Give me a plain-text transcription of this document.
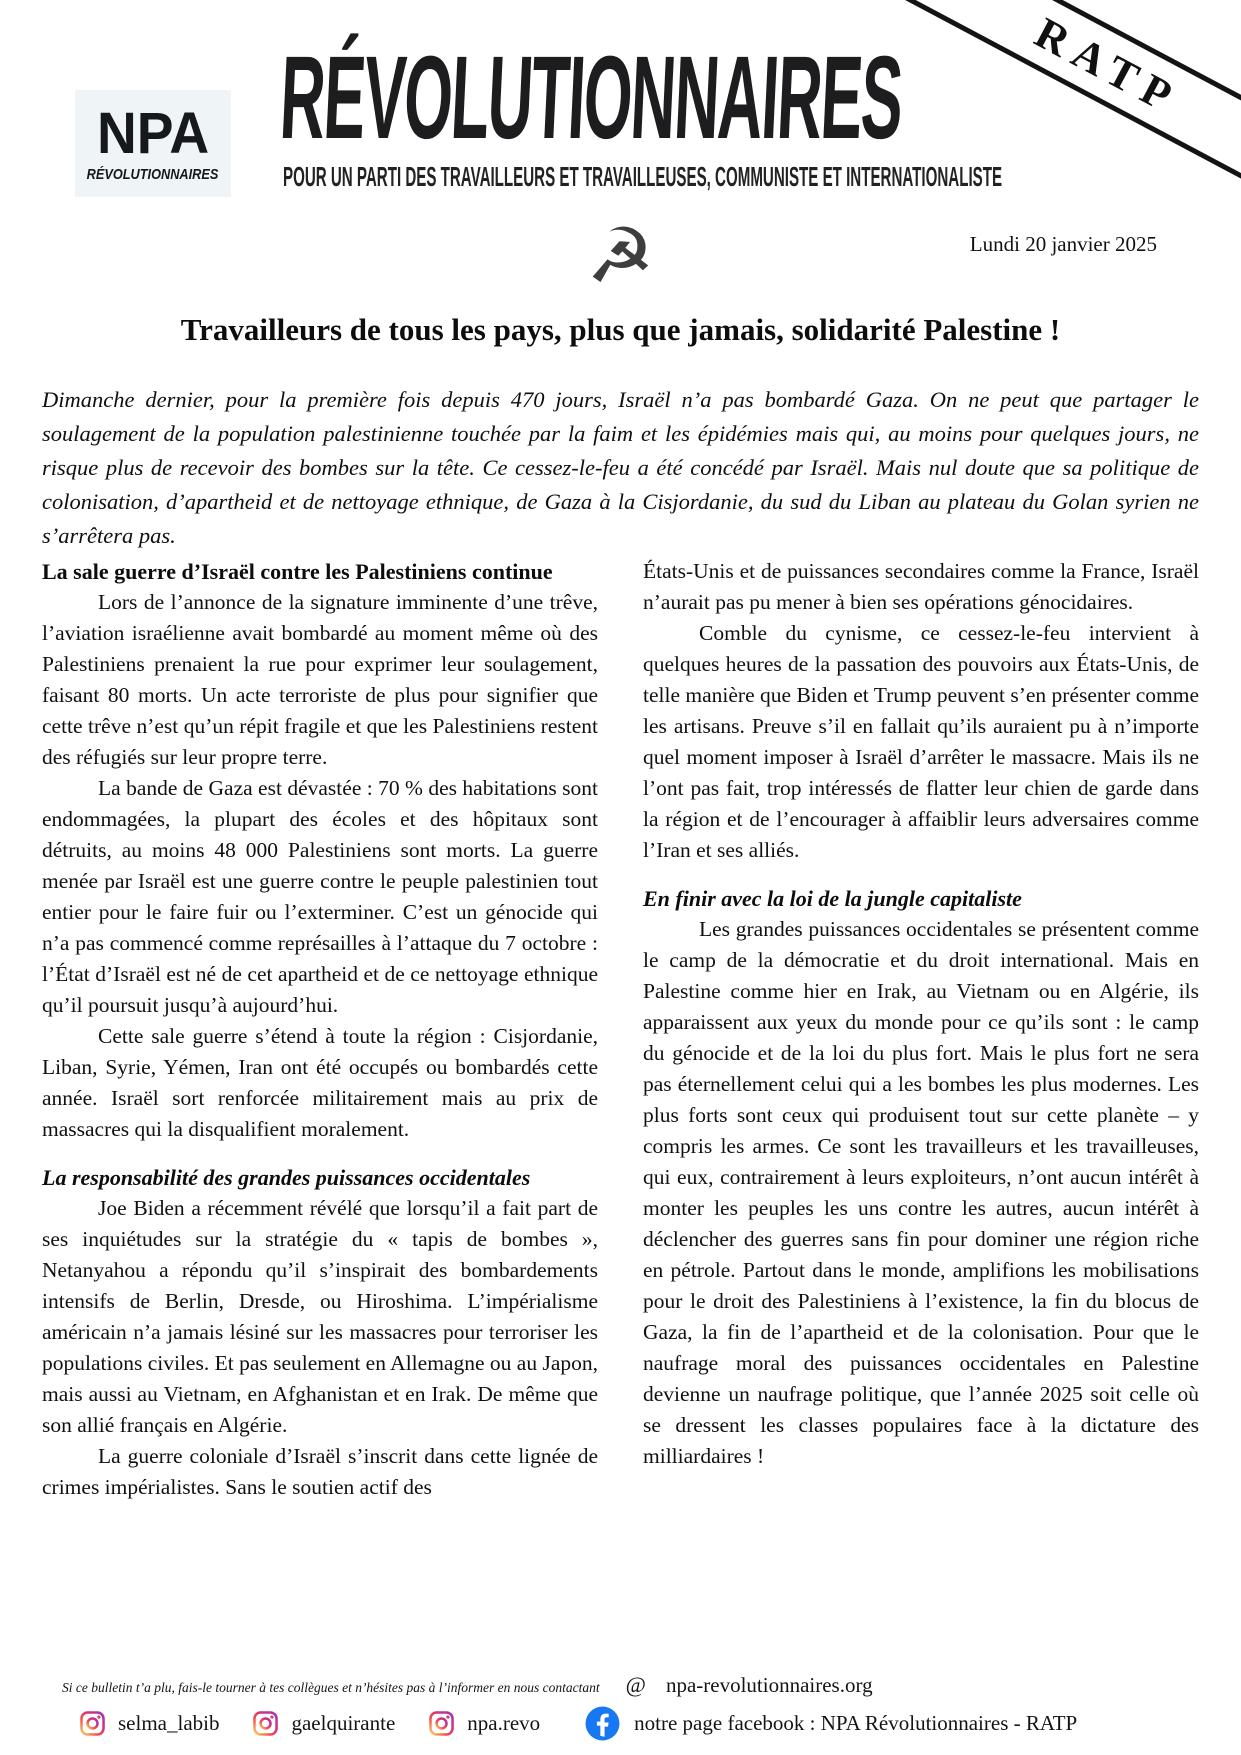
NPA
RÉVOLUTIONNAIRES
RÉVOLUTIONNAIRES
POUR UN PARTI DES TRAVAILLEURS ET TRAVAILLEUSES, COMMUNISTE ET INTERNATIONALISTE
RATP
☭	Lundi 20 janvier 2025
Travailleurs de tous les pays, plus que jamais, solidarité Palestine !

Dimanche dernier, pour la première fois depuis 470 jours, Israël n’a pas bombardé Gaza. On ne peut que partager le soulagement de la population palestinienne touchée par la faim et les épidémies mais qui, au moins pour quelques jours, ne risque plus de recevoir des bombes sur la tête. Ce cessez-le-feu a été concédé par Israël. Mais nul doute que sa politique de colonisation, d’apartheid et de nettoyage ethnique, de Gaza à la Cisjordanie, du sud du Liban au plateau du Golan syrien ne s’arrêtera pas.

La sale guerre d’Israël contre les Palestiniens continue

Lors de l’annonce de la signature imminente d’une trêve, l’aviation israélienne avait bombardé au moment même où des Palestiniens prenaient la rue pour exprimer leur soulagement, faisant 80 morts. Un acte terroriste de plus pour signifier que cette trêve n’est qu’un répit fragile et que les Palestiniens restent des réfugiés sur leur propre terre.

La bande de Gaza est dévastée : 70 % des habitations sont endommagées, la plupart des écoles et des hôpitaux sont détruits, au moins 48 000 Palestiniens sont morts. La guerre menée par Israël est une guerre contre le peuple palestinien tout entier pour le faire fuir ou l’exterminer. C’est un génocide qui n’a pas commencé comme représailles à l’attaque du 7 octobre : l’État d’Israël est né de cet apartheid et de ce nettoyage ethnique qu’il poursuit jusqu’à aujourd’hui.

Cette sale guerre s’étend à toute la région : Cisjordanie, Liban, Syrie, Yémen, Iran ont été occupés ou bombardés cette année. Israël sort renforcée militairement mais au prix de massacres qui la disqualifient moralement.

La responsabilité des grandes puissances occidentales

Joe Biden a récemment révélé que lorsqu’il a fait part de ses inquiétudes sur la stratégie du « tapis de bombes », Netanyahou a répondu qu’il s’inspirait des bombardements intensifs de Berlin, Dresde, ou Hiroshima. L’impérialisme américain n’a jamais lésiné sur les massacres pour terroriser les populations civiles. Et pas seulement en Allemagne ou au Japon, mais aussi au Vietnam, en Afghanistan et en Irak. De même que son allié français en Algérie.

La guerre coloniale d’Israël s’inscrit dans cette lignée de crimes impérialistes. Sans le soutien actif des

États-Unis et de puissances secondaires comme la France, Israël n’aurait pas pu mener à bien ses opérations génocidaires.

Comble du cynisme, ce cessez-le-feu intervient à quelques heures de la passation des pouvoirs aux États-Unis, de telle manière que Biden et Trump peuvent s’en présenter comme les artisans. Preuve s’il en fallait qu’ils auraient pu à n’importe quel moment imposer à Israël d’arrêter le massacre. Mais ils ne l’ont pas fait, trop intéressés de flatter leur chien de garde dans la région et de l’encourager à affaiblir leurs adversaires comme l’Iran et ses alliés.

En finir avec la loi de la jungle capitaliste

Les grandes puissances occidentales se présentent comme le camp de la démocratie et du droit international. Mais en Palestine comme hier en Irak, au Vietnam ou en Algérie, ils apparaissent aux yeux du monde pour ce qu’ils sont : le camp du génocide et de la loi du plus fort. Mais le plus fort ne sera pas éternellement celui qui a les bombes les plus modernes. Les plus forts sont ceux qui produisent tout sur cette planète – y compris les armes. Ce sont les travailleurs et les travailleuses, qui eux, contrairement à leurs exploiteurs, n’ont aucun intérêt à monter les peuples les uns contre les autres, aucun intérêt à déclencher des guerres sans fin pour dominer une région riche en pétrole. Partout dans le monde, amplifions les mobilisations pour le droit des Palestiniens à l’existence, la fin du blocus de Gaza, la fin de l’apartheid et de la colonisation. Pour que le naufrage moral des puissances occidentales en Palestine devienne un naufrage politique, que l’année 2025 soit celle où se dressent les classes populaires face à la dictature des milliardaires !

Si ce bulletin t’a plu, fais-le tourner à tes collègues et n’hésites pas à l’informer en nous contactant @ npa-revolutionnaires.org
selma_labib	gaelquirante	npa.revo	notre page facebook : NPA Révolutionnaires - RATP
